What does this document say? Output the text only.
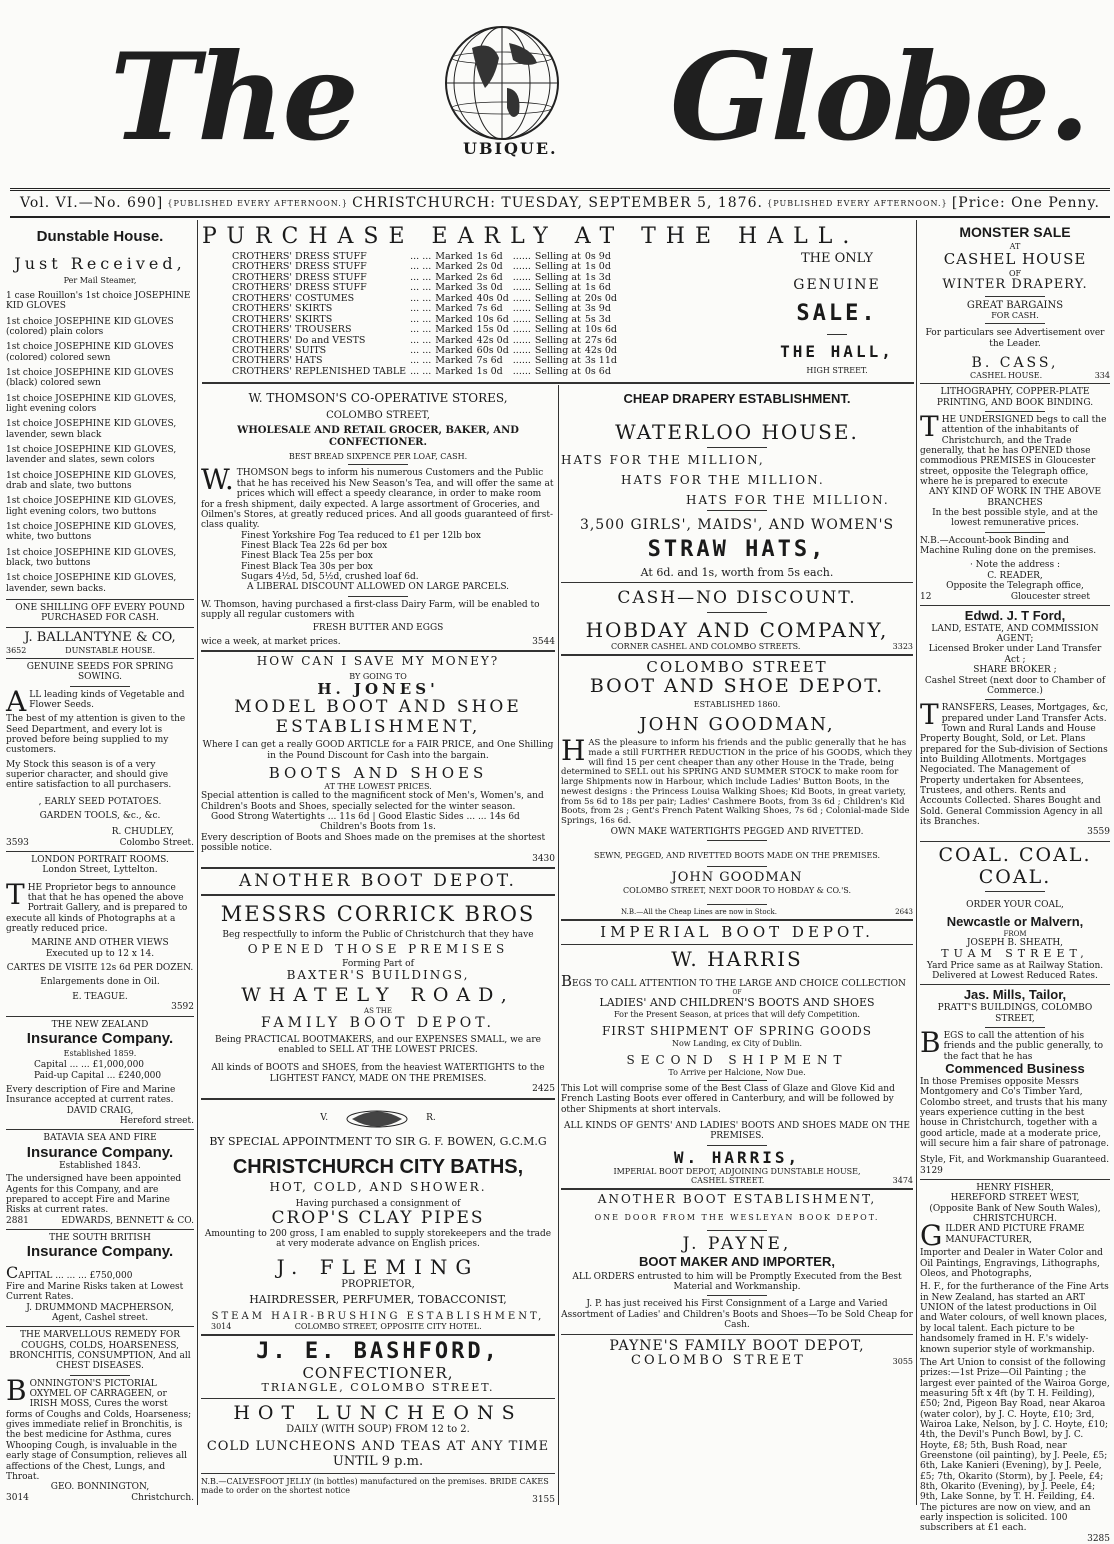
The	UBIQUE. Globe.
Vol. VI.—No. 690] {PUBLISHED EVERY AFTERNOON.} CHRISTCHURCH: TUESDAY, SEPTEMBER 5, 1876. {PUBLISHED EVERY AFTERNOON.} [Price: One Penny.
Dunstable House.
Just Received,
Per Mail Steamer,

1 case Rouillon's 1st choice JOSEPHINE KID GLOVES

1st choice JOSEPHINE KID GLOVES (colored) plain colors

1st choice JOSEPHINE KID GLOVES (colored) colored sewn

1st choice JOSEPHINE KID GLOVES (black) colored sewn

1st choice JOSEPHINE KID GLOVES, light evening colors

1st choice JOSEPHINE KID GLOVES, lavender, sewn black

1st choice JOSEPHINE KID GLOVES, lavender and slates, sewn colors

1st choice JOSEPHINE KID GLOVES, drab and slate, two buttons

1st choice JOSEPHINE KID GLOVES, light evening colors, two buttons

1st choice JOSEPHINE KID GLOVES, white, two buttons

1st choice JOSEPHINE KID GLOVES, black, two buttons

1st choice JOSEPHINE KID GLOVES, lavender, sewn backs.

ONE SHILLING OFF EVERY POUND PURCHASED FOR CASH.
J. BALLANTYNE & CO,
3652	DUNSTABLE HOUSE.
GENUINE SEEDS FOR SPRING SOWING.

ALL leading kinds of Vegetable and Flower Seeds.

The best of my attention is given to the Seed Department, and every lot is proved before being supplied to my customers.

My Stock this season is of a very superior character, and should give entire satisfaction to all purchasers.

, EARLY SEED POTATOES.
GARDEN TOOLS, &c., &c.
R. CHUDLEY,
3593	Colombo Street.
LONDON PORTRAIT ROOMS.
London Street, Lyttelton.

THE Proprietor begs to announce that that he has opened the above Portrait Gallery, and is prepared to execute all kinds of Photographs at a greatly reduced price.

MARINE AND OTHER VIEWS
Executed up to 12 x 14.
CARTES DE VISITE 12s 6d PER DOZEN.
Enlargements done in Oil.
E. TEAGUE.
3592
THE NEW ZEALAND
Insurance Company.
Established 1859.
Capital ... ... £1,000,000
Paid-up Capital ... £240,000

Every description of Fire and Marine Insurance accepted at current rates.

DAVID CRAIG,
Hereford street.
BATAVIA SEA AND FIRE
Insurance Company.
Established 1843.

The undersigned have been appointed Agents for this Company, and are prepared to accept Fire and Marine Risks at current rates.

2881	EDWARDS, BENNETT & CO.
THE SOUTH BRITISH
Insurance Company.

CAPITAL ... ... ... £750,000

Fire and Marine Risks taken at Lowest Current Rates.

J. DRUMMOND MACPHERSON,
Agent, Cashel street.
THE MARVELLOUS REMEDY FOR COUGHS, COLDS, HOARSENESS, BRONCHITIS, CONSUMPTION, And all CHEST DISEASES.

BONNINGTON'S PICTORIAL OXYMEL OF CARRAGEEN, or IRISH MOSS, Cures the worst forms of Coughs and Colds, Hoarseness; gives immediate relief in Bronchitis, is the best medicine for Asthma, cures Whooping Cough, is invaluable in the early stage of Consumption, relieves all affections of the Chest, Lungs, and Throat.

GEO. BONNINGTON,
3014	Christchurch.
PURCHASE EARLY AT THE HALL.
CROTHERS' DRESS STUFF	... ...	Marked	1s 6d	......	Selling at	0s 9d
CROTHERS' DRESS STUFF	... ...	Marked	2s 0d	......	Selling at	1s 0d
CROTHERS' DRESS STUFF	... ...	Marked	2s 6d	......	Selling at	1s 3d
CROTHERS' DRESS STUFF	... ...	Marked	3s 0d	......	Selling at	1s 6d
CROTHERS' COSTUMES	... ...	Marked	40s 0d	......	Selling at	20s 0d
CROTHERS' SKIRTS	... ...	Marked	7s 6d	......	Selling at	3s 9d
CROTHERS' SKIRTS	... ...	Marked	10s 6d	......	Selling at	5s 3d
CROTHERS' TROUSERS	... ...	Marked	15s 0d	......	Selling at	10s 6d
CROTHERS' Do and VESTS	... ...	Marked	42s 0d	......	Selling at	27s 6d
CROTHERS' SUITS	... ...	Marked	60s 0d	......	Selling at	42s 0d
CROTHERS' HATS	... ...	Marked	7s 6d	......	Selling at	3s 11d
CROTHERS' REPLENISHED TABLE	... ...	Marked	1s 0d	......	Selling at	0s 6d
THE ONLY
GENUINE
SALE.
THE HALL,
HIGH STREET.
W. THOMSON'S CO-OPERATIVE STORES,
COLOMBO STREET,
WHOLESALE AND RETAIL GROCER, BAKER, AND CONFECTIONER.
BEST BREAD SIXPENCE PER LOAF, CASH.

W. THOMSON begs to inform his numerous Customers and the Public that he has received his New Season's Tea, and will offer the same at prices which will effect a speedy clearance, in order to make room for a fresh shipment, daily expected. A large assortment of Groceries, and Oilmen's Stores, at greatly reduced prices. And all goods guaranteed of first-class quality.

Finest Yorkshire Fog Tea reduced to £1 per 12lb box

Finest Black Tea 22s 6d per box

Finest Black Tea 25s per box

Finest Black Tea 30s per box

Sugars 4½d, 5d, 5½d, crushed loaf 6d.

A LIBERAL DISCOUNT ALLOWED ON LARGE PARCELS.

W. Thomson, having purchased a first-class Dairy Farm, will be enabled to supply all regular customers with

FRESH BUTTER AND EGGS
wice a week, at market prices.	3544
HOW CAN I SAVE MY MONEY?
BY GOING TO
H. JONES'
MODEL BOOT AND SHOE
ESTABLISHMENT,

Where I can get a really GOOD ARTICLE for a FAIR PRICE, and One Shilling in the Pound Discount for Cash into the bargain.

BOOTS AND SHOES
AT THE LOWEST PRICES.

Special attention is called to the magnificent stock of Men's, Women's, and Children's Boots and Shoes, specially selected for the winter season.

Good Strong Watertights ... 11s 6d | Good Elastic Sides ... ... 14s 6d

Children's Boots from 1s.

Every description of Boots and Shoes made on the premises at the shortest possible notice.

3430
ANOTHER BOOT DEPOT.
MESSRS CORRICK BROS

Beg respectfully to inform the Public of Christchurch that they have

OPENED THOSE PREMISES
Forming Part of
BAXTER'S BUILDINGS,
WHATELY ROAD,
AS THE
FAMILY BOOT DEPOT.

Being PRACTICAL BOOTMAKERS, and our EXPENSES SMALL, we are enabled to SELL AT THE LOWEST PRICES.

All kinds of BOOTS and SHOES, from the heaviest WATERTIGHTS to the LIGHTEST FANCY, MADE ON THE PREMISES.

2425
V.	R.
BY SPECIAL APPOINTMENT TO SIR G. F. BOWEN, G.C.M.G
CHRISTCHURCH CITY BATHS,
HOT, COLD, AND SHOWER.
Having purchased a consignment of
CROP'S CLAY PIPES

Amounting to 200 gross, I am enabled to supply storekeepers and the trade at very moderate advance on English prices.

J. FLEMING
PROPRIETOR,
HAIRDRESSER, PERFUMER, TOBACCONIST,
STEAM HAIR-BRUSHING ESTABLISHMENT,
3014	COLOMBO STREET, OPPOSITE CITY HOTEL.
J. E. BASHFORD,
CONFECTIONER,
TRIANGLE, COLOMBO STREET.
HOT LUNCHEONS
DAILY (WITH SOUP) FROM 12 to 2.
COLD LUNCHEONS AND TEAS AT ANY TIME
UNTIL 9 p.m.

N.B.—CALVESFOOT JELLY (in bottles) manufactured on the premises. BRIDE CAKES made to order on the shortest notice

3155
CHEAP DRAPERY ESTABLISHMENT.
WATERLOO HOUSE.
HATS FOR THE MILLION,
HATS FOR THE MILLION.
HATS FOR THE MILLION.
3,500 GIRLS', MAIDS', AND WOMEN'S
STRAW HATS,
At 6d. and 1s, worth from 5s each.
CASH—NO DISCOUNT.
HOBDAY AND COMPANY,
CORNER CASHEL AND COLOMBO STREETS.	3323
COLOMBO STREET
BOOT AND SHOE DEPOT.
ESTABLISHED 1860.
JOHN GOODMAN,

HAS the pleasure to inform his friends and the public generally that he has made a still FURTHER REDUCTION in the price of his GOODS, which they will find 15 per cent cheaper than any other House in the Trade, being determined to SELL out his SPRING AND SUMMER STOCK to make room for large Shipments now in Harbour, which include Ladies' Button Boots, in the newest designs : the Princess Louisa Walking Shoes; Kid Boots, in great variety, from 5s 6d to 18s per pair; Ladies' Cashmere Boots, from 3s 6d ; Children's Kid Boots, from 2s ; Gent's French Patent Walking Shoes, 7s 6d ; Colonial-made Side Springs, 16s 6d.

OWN MAKE WATERTIGHTS PEGGED AND RIVETTED.
SEWN, PEGGED, AND RIVETTED BOOTS MADE ON THE PREMISES.
JOHN GOODMAN
COLOMBO STREET, NEXT DOOR TO HOBDAY & CO.'S.
N.B.—All the Cheap Lines are now in Stock.	2643
IMPERIAL BOOT DEPOT.
W. HARRIS

BEGS TO CALL ATTENTION TO THE LARGE AND CHOICE COLLECTION

OF
LADIES' AND CHILDREN'S BOOTS AND SHOES
For the Present Season, at prices that will defy Competition.
FIRST SHIPMENT OF SPRING GOODS
Now Landing, ex City of Dublin.
SECOND SHIPMENT
To Arrive per Halcione, Now Due.

This Lot will comprise some of the Best Class of Glaze and Glove Kid and French Lasting Boots ever offered in Canterbury, and will be followed by other Shipments at short intervals.

ALL KINDS OF GENTS' AND LADIES' BOOTS AND SHOES MADE ON THE PREMISES.

W. HARRIS,
IMPERIAL BOOT DEPOT, ADJOINING DUNSTABLE HOUSE,
CASHEL STREET.	3474
ANOTHER BOOT ESTABLISHMENT,
ONE DOOR FROM THE WESLEYAN BOOK DEPOT.
J. PAYNE,
BOOT MAKER AND IMPORTER,

ALL ORDERS entrusted to him will be Promptly Executed from the Best Material and Workmanship.

J. P. has just received his First Consignment of a Large and Varied Assortment of Ladies' and Children's Boots and Shoes—To be Sold Cheap for Cash.

PAYNE'S FAMILY BOOT DEPOT,
COLOMBO STREET	3055
MONSTER SALE
AT
CASHEL HOUSE
OF
WINTER DRAPERY.
GREAT BARGAINS
FOR CASH.

For particulars see Advertisement over the Leader.

B. CASS,
CASHEL HOUSE.	334

LITHOGRAPHY, COPPER-PLATE PRINTING, AND BOOK BINDING.

THE UNDERSIGNED begs to call the attention of the inhabitants of Christchurch, and the Trade generally, that he has OPENED those commodious PREMISES in Gloucester street, opposite the Telegraph office, where he is prepared to execute

ANY KIND OF WORK IN THE ABOVE BRANCHES

In the best possible style, and at the lowest remunerative prices.

N.B.—Account-book Binding and Machine Ruling done on the premises.

· Note the address :
C. READER,
Opposite the Telegraph office,
12	Gloucester street
Edwd. J. T Ford,

LAND, ESTATE, AND COMMISSION AGENT;

Licensed Broker under Land Transfer Act ;

SHARE BROKER ;

Cashel Street (next door to Chamber of Commerce.)

TRANSFERS, Leases, Mortgages, &c, prepared under Land Transfer Acts. Town and Rural Lands and House Property Bought, Sold, or Let. Plans prepared for the Sub-division of Sections into Building Allotments. Mortgages Negociated. The Management of Property undertaken for Absentees, Trustees, and others. Rents and Accounts Collected. Shares Bought and Sold. General Commission Agency in all its Branches.

3559
COAL. COAL.
COAL.
ORDER YOUR COAL,
Newcastle or Malvern,
FROM
JOSEPH B. SHEATH,
TUAM STREET,

Yard Price same as at Railway Station.

Delivered at Lowest Reduced Rates.

Jas. Mills, Tailor,

PRATT'S BUILDINGS, COLOMBO STREET,

BEGS to call the attention of his friends and the public generally, to the fact that he has

Commenced Business

In those Premises opposite Messrs Montgomery and Co's Timber Yard, Colombo street, and trusts that his many years experience cutting in the best house in Christchurch, together with a good article, made at a moderate price, will secure him a fair share of patronage.

Style, Fit, and Workmanship Guaranteed.

3129
HENRY FISHER,
HEREFORD STREET WEST,
(Opposite Bank of New South Wales),
CHRISTCHURCH.

GILDER AND PICTURE FRAME MANUFACTURER,

Importer and Dealer in Water Color and Oil Paintings, Engravings, Lithographs, Oleos, and Photographs,

H. F., for the furtherance of the Fine Arts in New Zealand, has started an ART UNION of the latest productions in Oil and Water colours, of well known places, by local talent. Each picture to be handsomely framed in H. F.'s widely-known superior style of workmanship.

The Art Union to consist of the following prizes:—1st Prize—Oil Painting ; the largest ever painted of the Wairoa Gorge, measuring 5ft x 4ft (by T. H. Feilding), £50; 2nd, Pigeon Bay Road, near Akaroa (water color), by J. C. Hoyte, £10; 3rd, Wairoa Lake, Nelson, by J. C. Hoyte, £10; 4th, the Devil's Punch Bowl, by J. C. Hoyte, £8; 5th, Bush Road, near Greenstone (oil painting), by J. Peele, £5; 6th, Lake Kanieri (Evening), by J. Peele, £5; 7th, Okarito (Storm), by J. Peele, £4; 8th, Okarito (Evening), by J. Peele, £4; 9th, Lake Sonne, by T. H. Feilding, £4. The pictures are now on view, and an early inspection is solicited. 100 subscribers at £1 each.

3285
